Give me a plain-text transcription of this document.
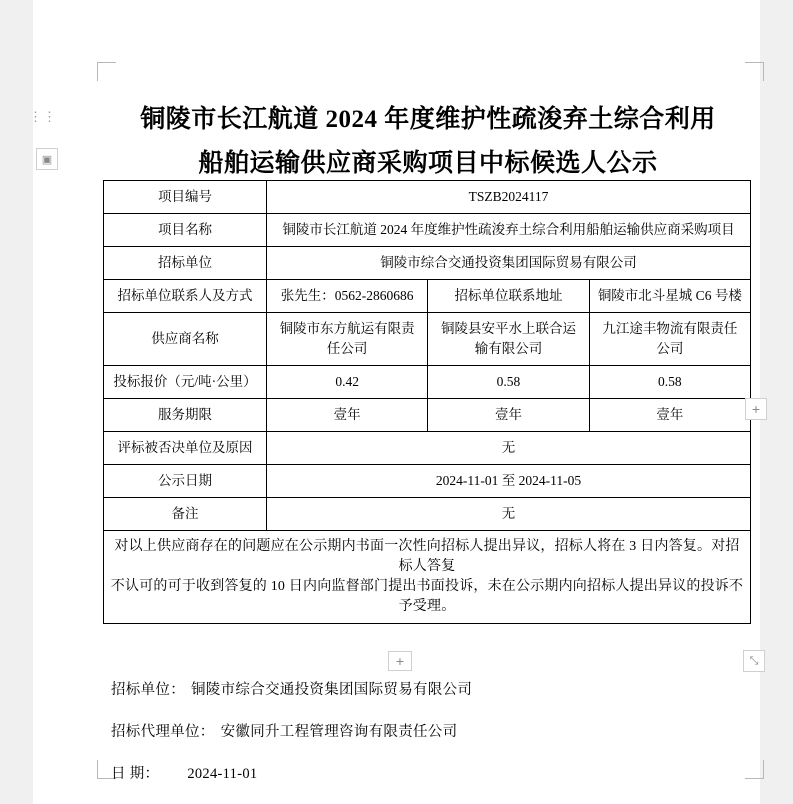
铜陵市长江航道 2024 年度维护性疏浚弃土综合利用
船舶运输供应商采购项目中标候选人公示
项目编号	TSZB2024117		
项目名称	铜陵市长江航道 2024 年度维护性疏浚弃土综合利用船舶运输供应商采购项目		
招标单位	铜陵市综合交通投资集团国际贸易有限公司		
招标单位联系人及方式	张先生：0562-2860686	招标单位联系地址	铜陵市北斗星城 C6 号楼
供应商名称	铜陵市东方航运有限责任公司	铜陵县安平水上联合运输有限公司	九江途丰物流有限责任公司
投标报价（元/吨·公里）	0.42	0.58	0.58
服务期限	壹年	壹年	壹年
评标被否决单位及原因	无		
公示日期	2024-11-01 至 2024-11-05		
备注	无		

对以上供应商存在的问题应在公示期内书面一次性向招标人提出异议，招标人将在 3 日内答复。对招标人答复
不认可的可于收到答复的 10 日内向监督部门提出书面投诉，未在公示期内向招标人提出异议的投诉不予受理。			
招标单位： 铜陵市综合交通投资集团国际贸易有限公司
招标代理单位： 安徽同升工程管理咨询有限责任公司
日 期： 2024-11-01
⋮⋮
▣
+
+	⤡
